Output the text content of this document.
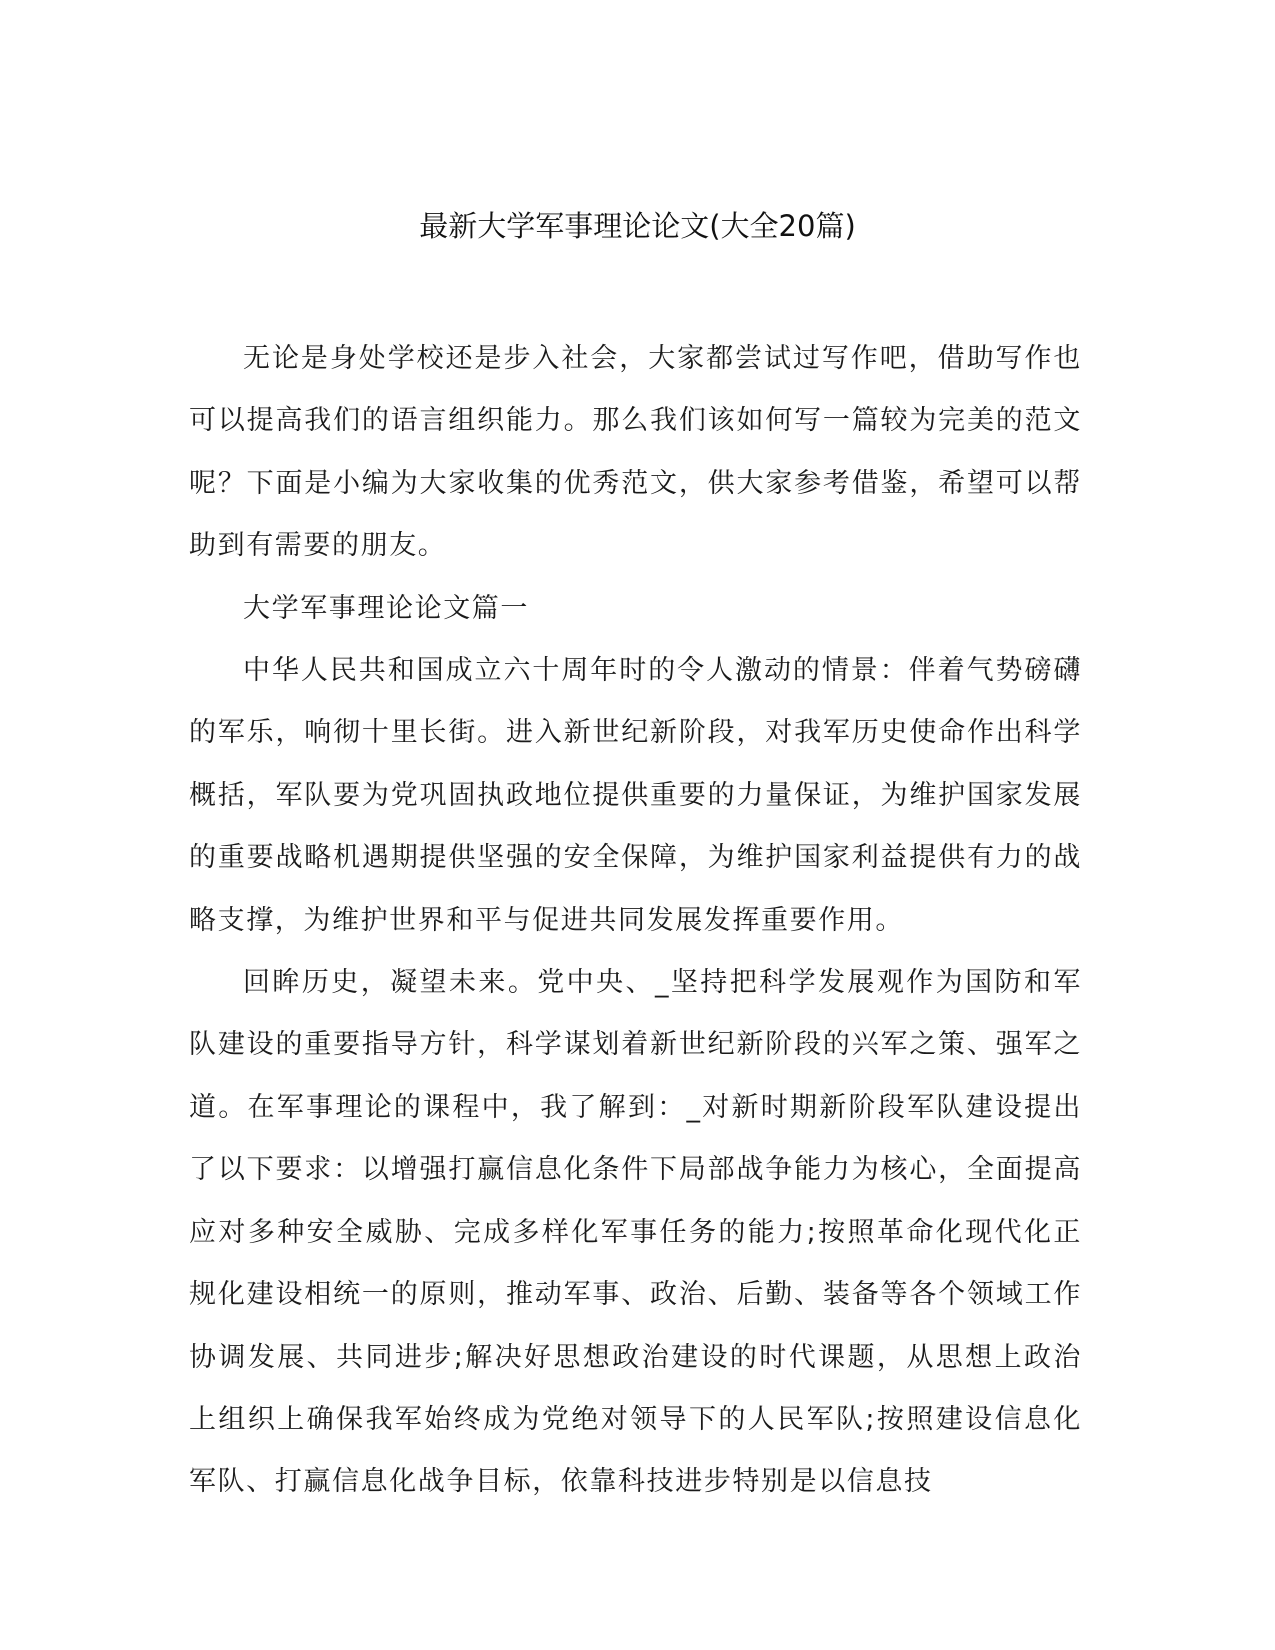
最新大学军事理论论文(大全20篇)

无论是身处学校还是步入社会，大家都尝试过写作吧，借助写作也可以提高我们的语言组织能力。那么我们该如何写一篇较为完美的范文呢？下面是小编为大家收集的优秀范文，供大家参考借鉴，希望可以帮助到有需要的朋友。

大学军事理论论文篇一

中华人民共和国成立六十周年时的令人激动的情景：伴着气势磅礴的军乐，响彻十里长街。进入新世纪新阶段，对我军历史使命作出科学概括，军队要为党巩固执政地位提供重要的力量保证，为维护国家发展的重要战略机遇期提供坚强的安全保障，为维护国家利益提供有力的战略支撑，为维护世界和平与促进共同发展发挥重要作用。

回眸历史，凝望未来。党中央、_坚持把科学发展观作为国防和军队建设的重要指导方针，科学谋划着新世纪新阶段的兴军之策、强军之道。在军事理论的课程中，我了解到：_对新时期新阶段军队建设提出了以下要求：以增强打赢信息化条件下局部战争能力为核心，全面提高应对多种安全威胁、完成多样化军事任务的能力;按照革命化现代化正规化建设相统一的原则，推动军事、政治、后勤、装备等各个领域工作协调发展、共同进步;解决好思想政治建设的时代课题，从思想上政治上组织上确保我军始终成为党绝对领导下的人民军队;按照建设信息化军队、打赢信息化战争目标，依靠科技进步特别是以信息技
